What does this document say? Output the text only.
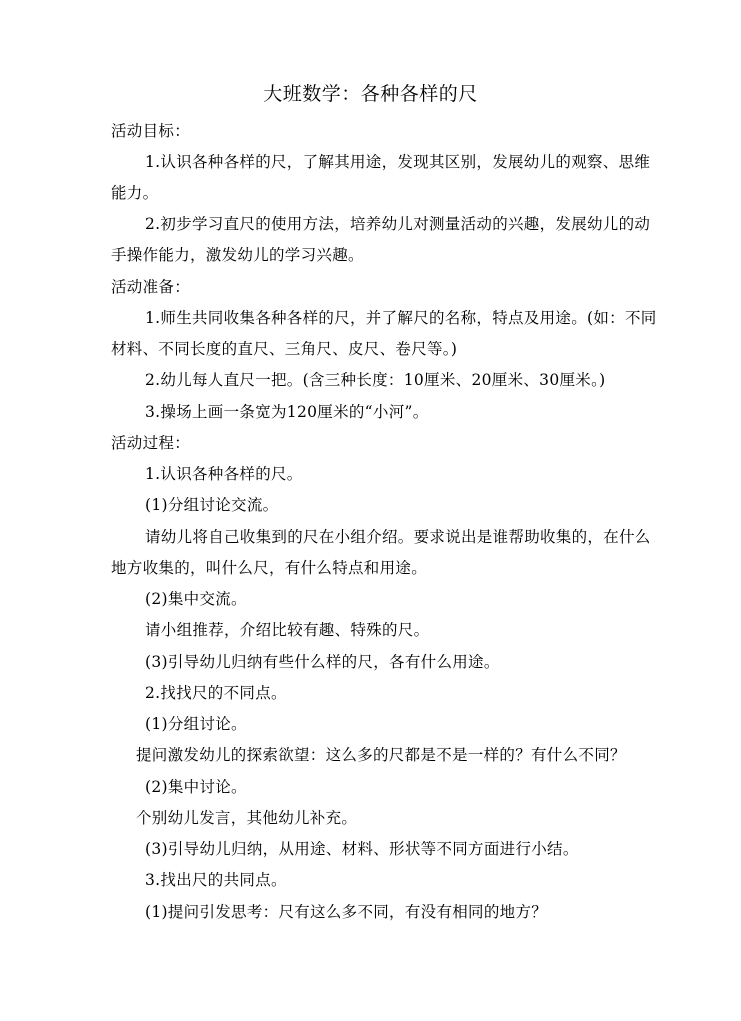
大班数学：各种各样的尺
活动目标：
1.认识各种各样的尺，了解其用途，发现其区别，发展幼儿的观察、思维
能力。
2.初步学习直尺的使用方法，培养幼儿对测量活动的兴趣，发展幼儿的动
手操作能力，激发幼儿的学习兴趣。
活动准备：
1.师生共同收集各种各样的尺，并了解尺的名称，特点及用途。(如：不同
材料、不同长度的直尺、三角尺、皮尺、卷尺等。)
2.幼儿每人直尺一把。(含三种长度：10厘米、20厘米、30厘米。)
3.操场上画一条宽为120厘米的“小河”。
活动过程：
1.认识各种各样的尺。
(1)分组讨论交流。
请幼儿将自己收集到的尺在小组介绍。要求说出是谁帮助收集的，在什么
地方收集的，叫什么尺，有什么特点和用途。
(2)集中交流。
请小组推荐，介绍比较有趣、特殊的尺。
(3)引导幼儿归纳有些什么样的尺，各有什么用途。
2.找找尺的不同点。
(1)分组讨论。
提问激发幼儿的探索欲望：这么多的尺都是不是一样的？有什么不同？
(2)集中讨论。
个别幼儿发言，其他幼儿补充。
(3)引导幼儿归纳，从用途、材料、形状等不同方面进行小结。
3.找出尺的共同点。
(1)提问引发思考：尺有这么多不同，有没有相同的地方？
